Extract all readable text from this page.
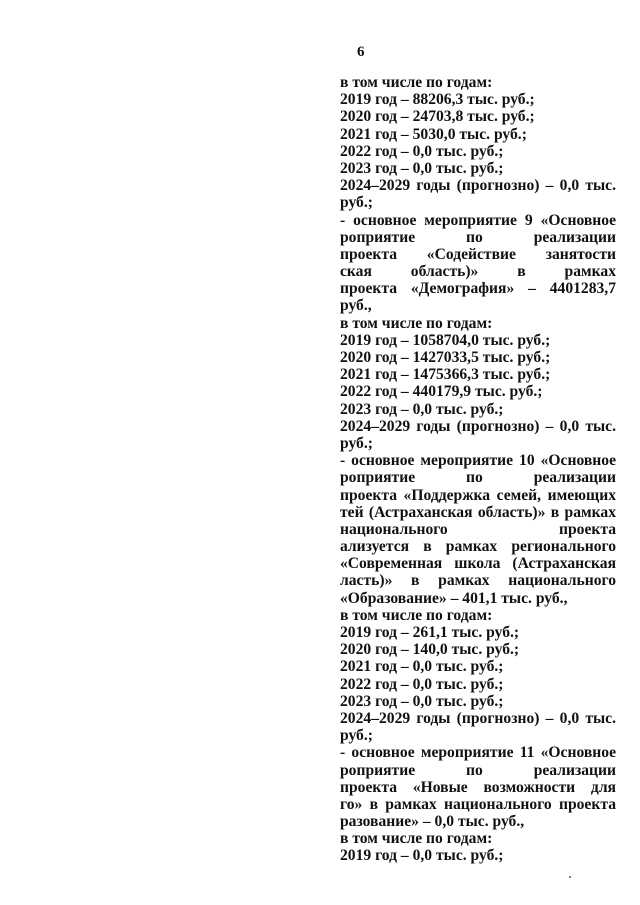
6
в том числе по годам:
2019 год – 88206,3 тыс. руб.;
2020 год – 24703,8 тыс. руб.;
2021 год – 5030,0 тыс. руб.;
2022 год – 0,0 тыс. руб.;
2023 год – 0,0 тыс. руб.;
2024–2029 годы (прогнозно) – 0,0 тыс.
руб.;
- основное мероприятие 9 «Основное
роприятие по реализации
проекта «Содействие занятости
ская область)» в рамках
проекта «Демография» – 4401283,7
руб.,
в том числе по годам:
2019 год – 1058704,0 тыс. руб.;
2020 год – 1427033,5 тыс. руб.;
2021 год – 1475366,3 тыс. руб.;
2022 год – 440179,9 тыс. руб.;
2023 год – 0,0 тыс. руб.;
2024–2029 годы (прогнозно) – 0,0 тыс.
руб.;
- основное мероприятие 10 «Основное
роприятие по реализации
проекта «Поддержка семей, имеющих
тей (Астраханская область)» в рамках
национального проекта
ализуется в рамках регионального
«Современная школа (Астраханская
ласть)» в рамках национального
«Образование» – 401,1 тыс. руб.,
в том числе по годам:
2019 год – 261,1 тыс. руб.;
2020 год – 140,0 тыс. руб.;
2021 год – 0,0 тыс. руб.;
2022 год – 0,0 тыс. руб.;
2023 год – 0,0 тыс. руб.;
2024–2029 годы (прогнозно) – 0,0 тыс.
руб.;
- основное мероприятие 11 «Основное
роприятие по реализации
проекта «Новые возможности для
го» в рамках национального проекта
разование» – 0,0 тыс. руб.,
в том числе по годам:
2019 год – 0,0 тыс. руб.;
